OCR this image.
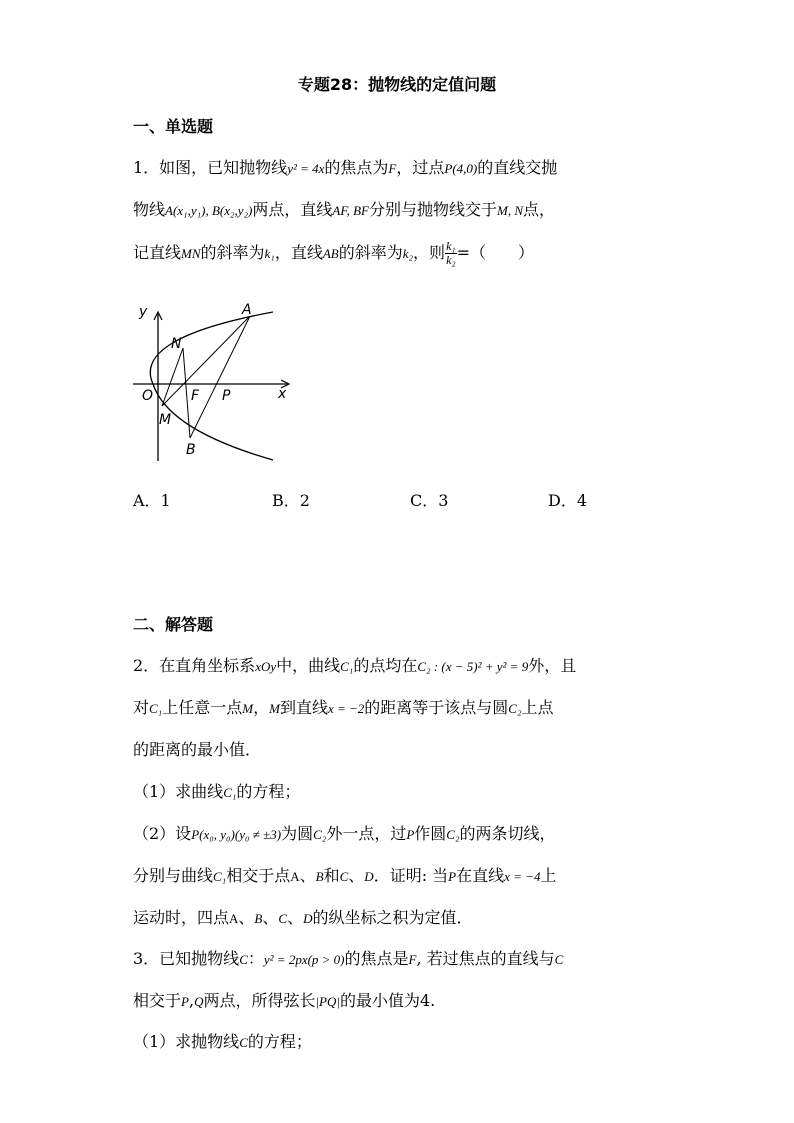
专题28：抛物线的定值问题
一、单选题
1．如图，已知抛物线y² = 4x的焦点为F，过点P(4,0)的直线交抛
物线A(x₁,y₁), B(x₂,y₂)两点，直线AF, BF分别与抛物线交于M, N点，
记直线MN的斜率为k₁，直线AB的斜率为k₂，则 $\frac{\text{k₁}}{\text{k₂}}$ =（　　）
y
x
O
A
B
N
M
F P
A．1	B．2	C．3	D．4
二、解答题
2．在直角坐标系xOy中，曲线C₁的点均在C₂ : (x − 5)² + y² = 9外，且
对C₁上任意一点M，M到直线x = −2的距离等于该点与圆C₂上点
的距离的最小值．
（1）求曲线C₁的方程；
（2）设P(x₀, y₀)(y₀ ≠ ±3)为圆C₂外一点，过P作圆C₂的两条切线，
分别与曲线C₁相交于点A、B和C、D．证明: 当P在直线x = −4上
运动时，四点A、B、C、D的纵坐标之积为定值．
3．已知抛物线C：y² = 2px(p > 0)的焦点是F, 若过焦点的直线与C
相交于P,Q两点，所得弦长|PQ|的最小值为4.
（1）求抛物线C的方程；
